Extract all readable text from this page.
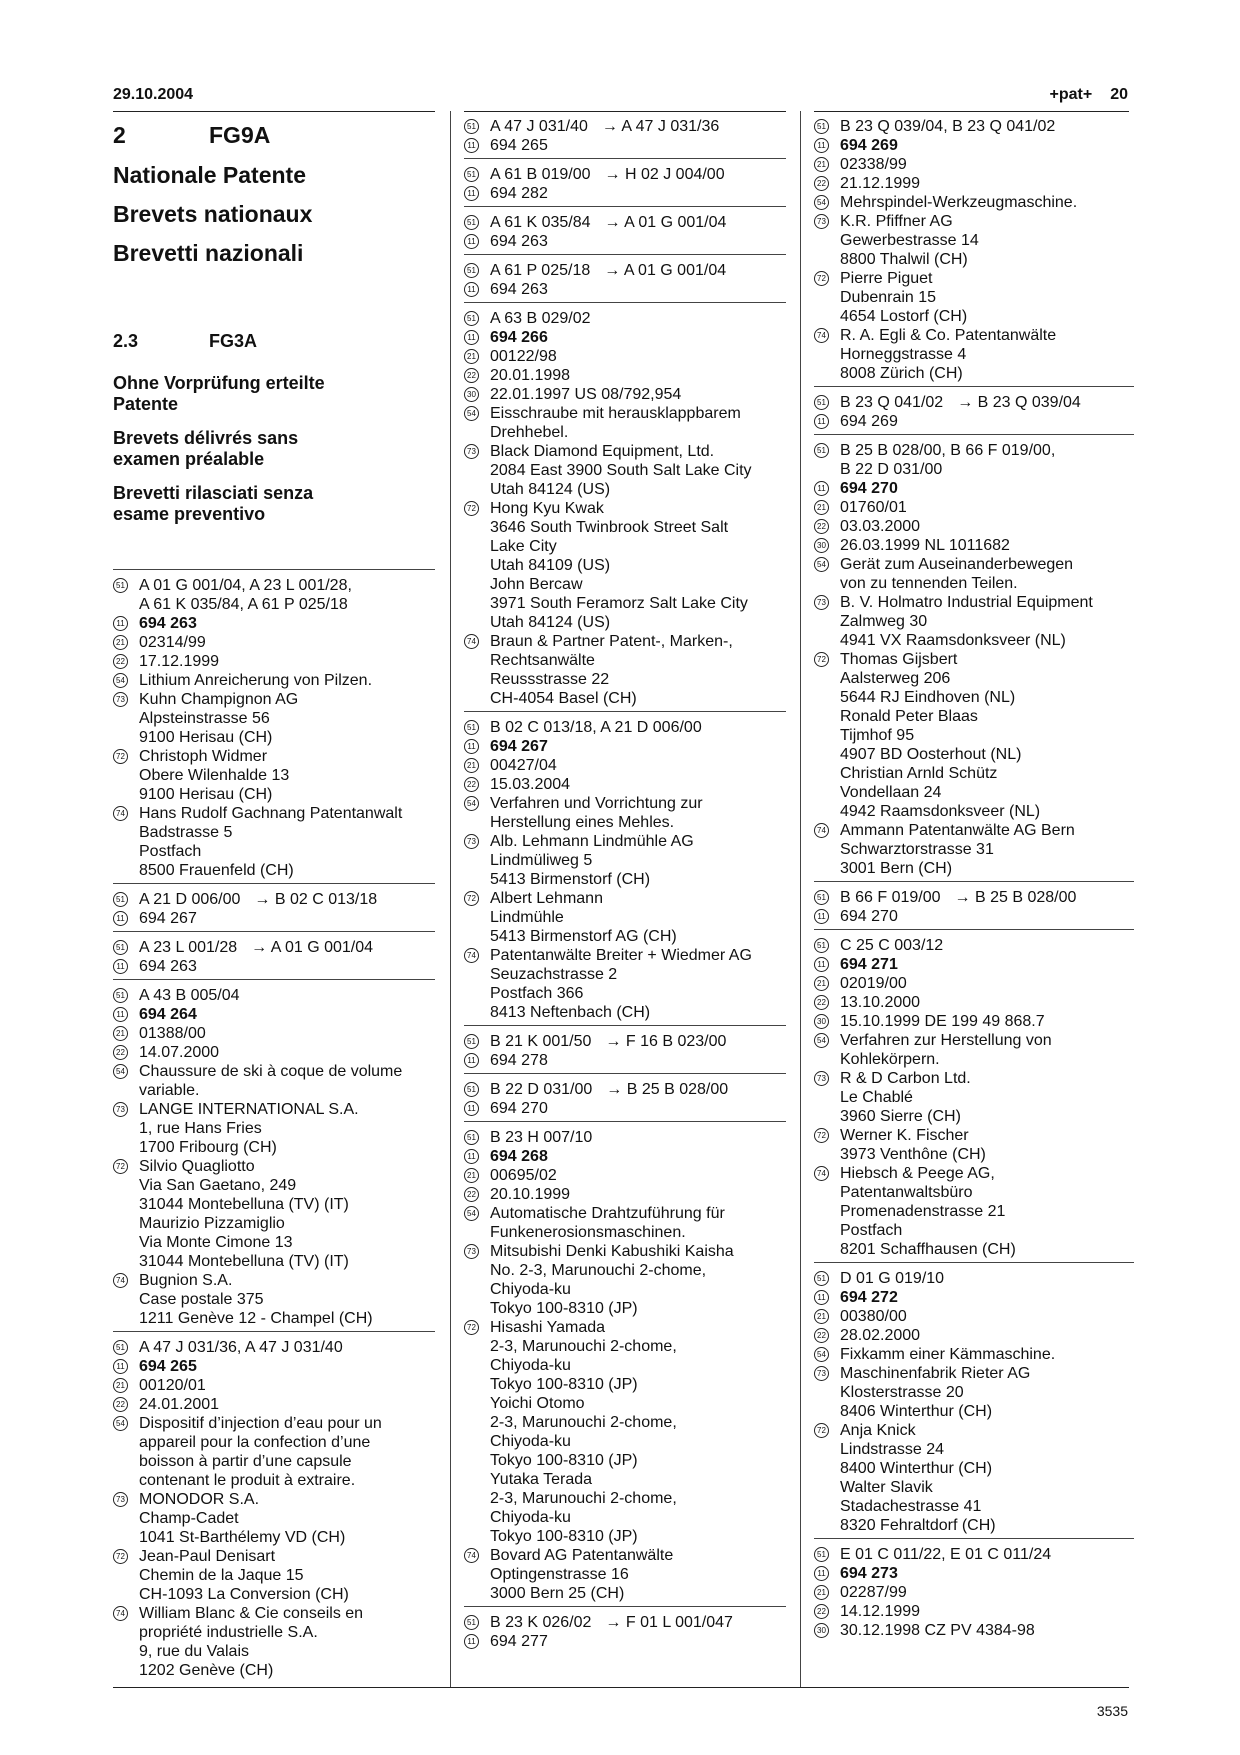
29.10.2004	+pat+ 20
2	FG9A
Nationale Patente
Brevets nationaux
Brevetti nazionali
2.3	FG3A
Ohne Vorprüfung erteilte
Patente
Brevets délivrés sans
examen préalable
Brevetti rilasciati senza
esame preventivo
51 A 01 G 001/04, A 23 L 001/28,
A 61 K 035/84, A 61 P 025/18
11 694 263
21 02314/99
22 17.12.1999
54 Lithium Anreicherung von Pilzen.
73 Kuhn Champignon AG
Alpsteinstrasse 56
9100 Herisau (CH)
72 Christoph Widmer
Obere Wilenhalde 13
9100 Herisau (CH)
74 Hans Rudolf Gachnang Patentanwalt
Badstrasse 5
Postfach
8500 Frauenfeld (CH)
51 A 21 D 006/00 → B 02 C 013/18
11 694 267
51 A 23 L 001/28 → A 01 G 001/04
11 694 263
51 A 43 B 005/04
11 694 264
21 01388/00
22 14.07.2000
54 Chaussure de ski à coque de volume
variable.
73 LANGE INTERNATIONAL S.A.
1, rue Hans Fries
1700 Fribourg (CH)
72 Silvio Quagliotto
Via San Gaetano, 249
31044 Montebelluna (TV) (IT)
Maurizio Pizzamiglio
Via Monte Cimone 13
31044 Montebelluna (TV) (IT)
74 Bugnion S.A.
Case postale 375
1211 Genève 12 - Champel (CH)
51 A 47 J 031/36, A 47 J 031/40
11 694 265
21 00120/01
22 24.01.2001
54 Dispositif d’injection d’eau pour un
appareil pour la confection d’une
boisson à partir d’une capsule
contenant le produit à extraire.
73 MONODOR S.A.
Champ-Cadet
1041 St-Barthélemy VD (CH)
72 Jean-Paul Denisart
Chemin de la Jaque 15
CH-1093 La Conversion (CH)
74 William Blanc & Cie conseils en
propriété industrielle S.A.
9, rue du Valais
1202 Genève (CH)
51 A 47 J 031/40 → A 47 J 031/36
11 694 265
51 A 61 B 019/00 → H 02 J 004/00
11 694 282
51 A 61 K 035/84 → A 01 G 001/04
11 694 263
51 A 61 P 025/18 → A 01 G 001/04
11 694 263
51 A 63 B 029/02
11 694 266
21 00122/98
22 20.01.1998
30 22.01.1997 US 08/792,954
54 Eisschraube mit herausklappbarem
Drehhebel.
73 Black Diamond Equipment, Ltd.
2084 East 3900 South Salt Lake City
Utah 84124 (US)
72 Hong Kyu Kwak
3646 South Twinbrook Street Salt
Lake City
Utah 84109 (US)
John Bercaw
3971 South Feramorz Salt Lake City
Utah 84124 (US)
74 Braun & Partner Patent-, Marken-,
Rechtsanwälte
Reussstrasse 22
CH-4054 Basel (CH)
51 B 02 C 013/18, A 21 D 006/00
11 694 267
21 00427/04
22 15.03.2004
54 Verfahren und Vorrichtung zur
Herstellung eines Mehles.
73 Alb. Lehmann Lindmühle AG
Lindmüliweg 5
5413 Birmenstorf (CH)
72 Albert Lehmann
Lindmühle
5413 Birmenstorf AG (CH)
74 Patentanwälte Breiter + Wiedmer AG
Seuzachstrasse 2
Postfach 366
8413 Neftenbach (CH)
51 B 21 K 001/50 → F 16 B 023/00
11 694 278
51 B 22 D 031/00 → B 25 B 028/00
11 694 270
51 B 23 H 007/10
11 694 268
21 00695/02
22 20.10.1999
54 Automatische Drahtzuführung für
Funkenerosionsmaschinen.
73 Mitsubishi Denki Kabushiki Kaisha
No. 2-3, Marunouchi 2-chome,
Chiyoda-ku
Tokyo 100-8310 (JP)
72 Hisashi Yamada
2-3, Marunouchi 2-chome,
Chiyoda-ku
Tokyo 100-8310 (JP)
Yoichi Otomo
2-3, Marunouchi 2-chome,
Chiyoda-ku
Tokyo 100-8310 (JP)
Yutaka Terada
2-3, Marunouchi 2-chome,
Chiyoda-ku
Tokyo 100-8310 (JP)
74 Bovard AG Patentanwälte
Optingenstrasse 16
3000 Bern 25 (CH)
51 B 23 K 026/02 → F 01 L 001/047
11 694 277
51 B 23 Q 039/04, B 23 Q 041/02
11 694 269
21 02338/99
22 21.12.1999
54 Mehrspindel-Werkzeugmaschine.
73 K.R. Pfiffner AG
Gewerbestrasse 14
8800 Thalwil (CH)
72 Pierre Piguet
Dubenrain 15
4654 Lostorf (CH)
74 R. A. Egli & Co. Patentanwälte
Horneggstrasse 4
8008 Zürich (CH)
51 B 23 Q 041/02 → B 23 Q 039/04
11 694 269
51 B 25 B 028/00, B 66 F 019/00,
B 22 D 031/00
11 694 270
21 01760/01
22 03.03.2000
30 26.03.1999 NL 1011682
54 Gerät zum Auseinanderbewegen
von zu tennenden Teilen.
73 B. V. Holmatro Industrial Equipment
Zalmweg 30
4941 VX Raamsdonksveer (NL)
72 Thomas Gijsbert
Aalsterweg 206
5644 RJ Eindhoven (NL)
Ronald Peter Blaas
Tijmhof 95
4907 BD Oosterhout (NL)
Christian Arnld Schütz
Vondellaan 24
4942 Raamsdonksveer (NL)
74 Ammann Patentanwälte AG Bern
Schwarztorstrasse 31
3001 Bern (CH)
51 B 66 F 019/00 → B 25 B 028/00
11 694 270
51 C 25 C 003/12
11 694 271
21 02019/00
22 13.10.2000
30 15.10.1999 DE 199 49 868.7
54 Verfahren zur Herstellung von
Kohlekörpern.
73 R & D Carbon Ltd.
Le Chablé
3960 Sierre (CH)
72 Werner K. Fischer
3973 Venthône (CH)
74 Hiebsch & Peege AG,
Patentanwaltsbüro
Promenadenstrasse 21
Postfach
8201 Schaffhausen (CH)
51 D 01 G 019/10
11 694 272
21 00380/00
22 28.02.2000
54 Fixkamm einer Kämmaschine.
73 Maschinenfabrik Rieter AG
Klosterstrasse 20
8406 Winterthur (CH)
72 Anja Knick
Lindstrasse 24
8400 Winterthur (CH)
Walter Slavik
Stadachestrasse 41
8320 Fehraltdorf (CH)
51 E 01 C 011/22, E 01 C 011/24
11 694 273
21 02287/99
22 14.12.1999
30 30.12.1998 CZ PV 4384-98
3535
